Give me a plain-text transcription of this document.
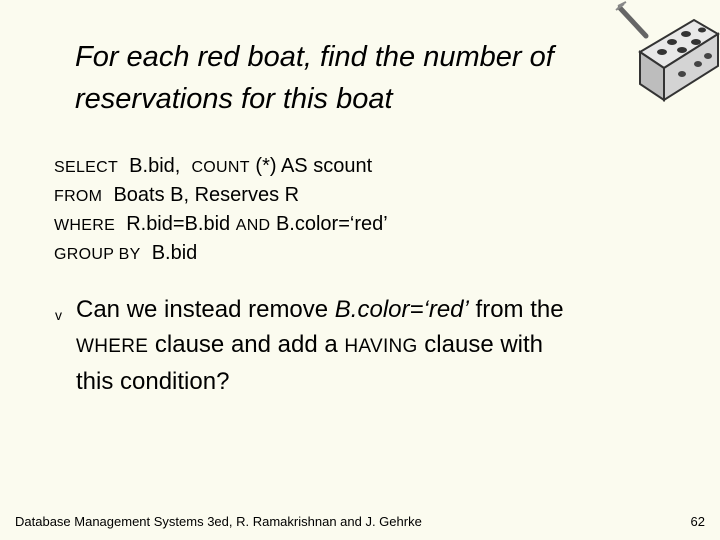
For each red boat, find the number of
reservations for this boat
SELECT B.bid, COUNT (*) AS scount
FROM Boats B, Reserves R
WHERE R.bid=B.bid AND B.color=‘red’
GROUP BY B.bid
v Can we instead remove B.color=‘red’ from the
WHERE clause and add a HAVING clause with
this condition?
Database Management Systems 3ed, R. Ramakrishnan and J. Gehrke	62
